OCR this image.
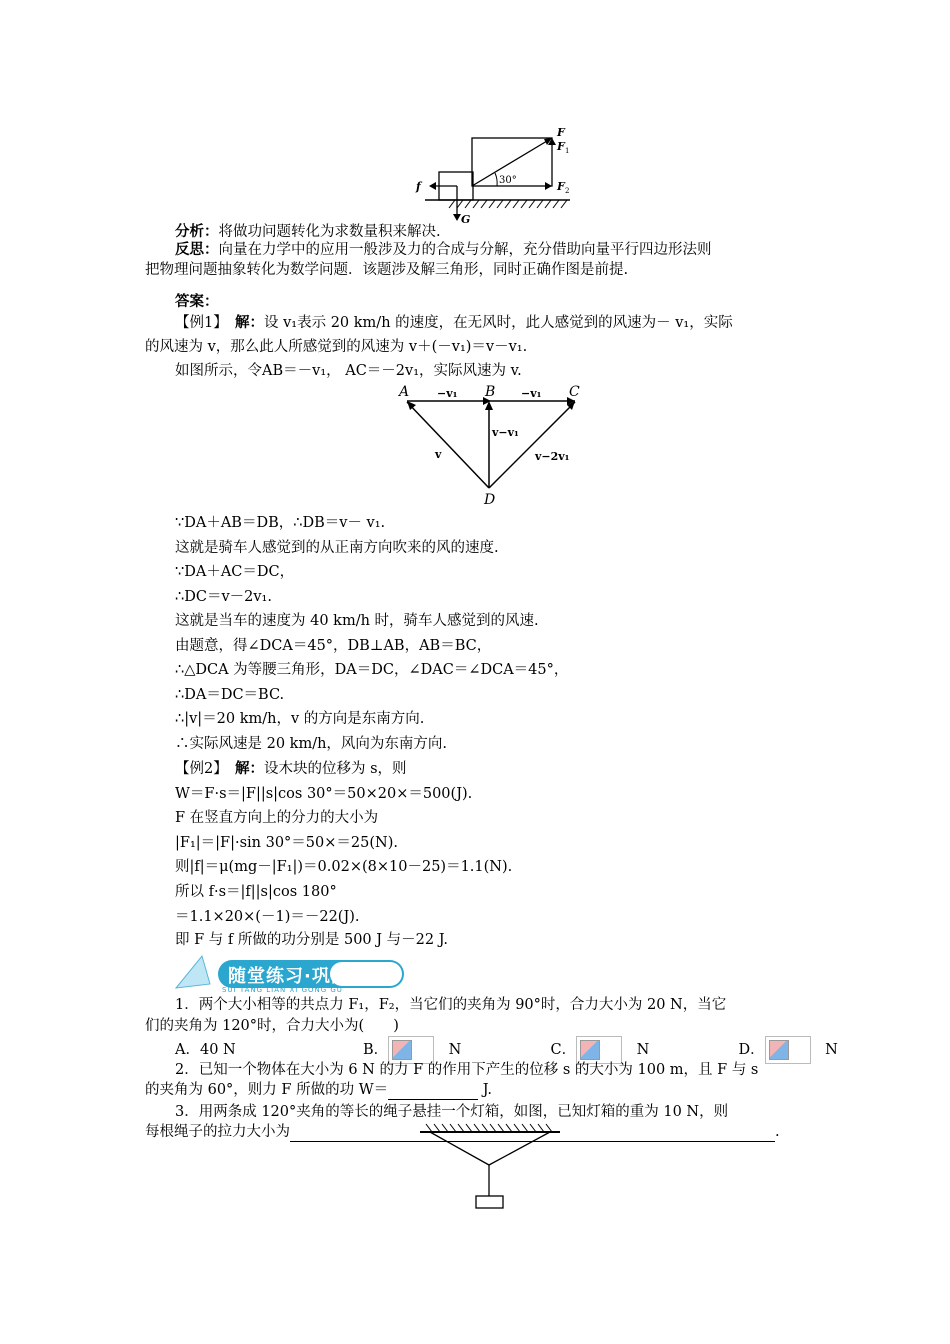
F
F 1
F 2
f
G
30°
分析：将做功问题转化为求数量积来解决.
反思：向量在力学中的应用一般涉及力的合成与分解，充分借助向量平行四边形法则
把物理问题抽象转化为数学问题．该题涉及解三角形，同时正确作图是前提.
答案：
【例1】　 解：设 v₁表示 20 km/h 的速度，在无风时，此人感觉到的风速为－ v₁，实际
的风速为 v，那么此人所感觉到的风速为 v＋(－v₁)＝v－v₁.
如图所示，令AB＝－v₁， AC＝－2v₁，实际风速为 v.
A	B	C
D
−v₁	−v₁
v−v₁
v	v−2v₁
∵DA＋AB＝DB，∴DB＝v－ v₁.
这就是骑车人感觉到的从正南方向吹来的风的速度.
∵DA＋AC＝DC，
∴DC＝v－2v₁.
这就是当车的速度为 40 km/h 时，骑车人感觉到的风速.
由题意，得∠DCA＝45°，DB⊥AB，AB＝BC，
∴△DCA 为等腰三角形，DA＝DC，∠DAC＝∠DCA＝45°，
∴DA＝DC＝BC.
∴|v|＝20 km/h，v 的方向是东南方向.
∴实际风速是 20 km/h，风向为东南方向.
【例2】　 解：设木块的位移为 s，则
W＝F·s＝|F||s|cos 30°＝50×20×＝500(J).
F 在竖直方向上的分力的大小为
|F₁|＝|F|·sin 30°＝50×＝25(N).
则|f|＝μ(mg－|F₁|)＝0.02×(8×10－25)＝1.1(N).
所以 f·s＝|f||s|cos 180°
＝1.1×20×(－1)＝－22(J).
即 F 与 f 所做的功分别是 500 J 与－22 J.
随堂练习·巩固
SUI TANG LIAN XI GONG GU
1．两个大小相等的共点力 F₁，F₂，当它们的夹角为 90°时，合力大小为 20 N，当它
们的夹角为 120°时，合力大小为(　　)
A．40 N	B．　	N	C．　	N	D．　	N
2．已知一个物体在大小为 6 N 的力 F 的作用下产生的位移 s 的大小为 100 m，且 F 与 s
的夹角为 60°，则力 F 所做的功 W＝	J.
3．用两条成 120°夹角的等长的绳子悬挂一个灯箱，如图，已知灯箱的重为 10 N，则
每根绳子的拉力大小为	.
